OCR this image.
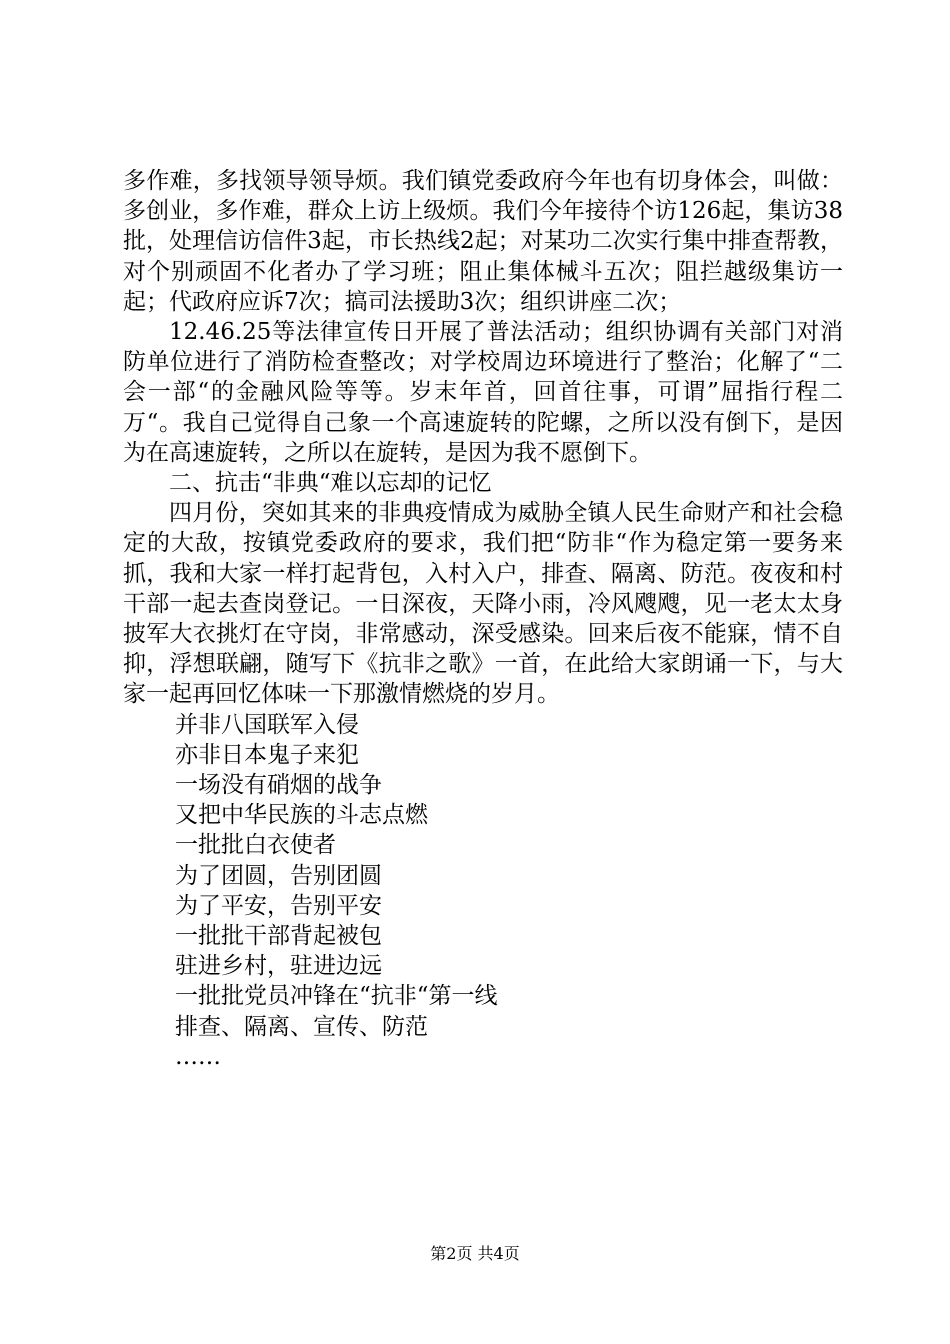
多作难，多找领导领导烦。我们镇党委政府今年也有切身体会，叫做：多创业，多作难，群众上访上级烦。我们今年接待个访126起，集访38批，处理信访信件3起，市长热线2起；对某功二次实行集中排查帮教，对个别顽固不化者办了学习班；阻止集体械斗五次；阻拦越级集访一起；代政府应诉7次；搞司法援助3次；组织讲座二次；

12.46.25等法律宣传日开展了普法活动；组织协调有关部门对消防单位进行了消防检查整改；对学校周边环境进行了整治；化解了“二会一部“的金融风险等等。岁末年首，回首往事，可谓”屈指行程二万“。我自己觉得自己象一个高速旋转的陀螺，之所以没有倒下，是因为在高速旋转，之所以在旋转，是因为我不愿倒下。

二、抗击“非典“难以忘却的记忆

四月份，突如其来的非典疫情成为威胁全镇人民生命财产和社会稳定的大敌，按镇党委政府的要求，我们把“防非“作为稳定第一要务来抓，我和大家一样打起背包，入村入户，排查、隔离、防范。夜夜和村干部一起去查岗登记。一日深夜，天降小雨，冷风飕飕，见一老太太身披军大衣挑灯在守岗，非常感动，深受感染。回来后夜不能寐，情不自抑，浮想联翩，随写下《抗非之歌》一首，在此给大家朗诵一下，与大家一起再回忆体味一下那激情燃烧的岁月。

并非八国联军入侵

亦非日本鬼子来犯

一场没有硝烟的战争

又把中华民族的斗志点燃

一批批白衣使者

为了团圆，告别团圆

为了平安，告别平安

一批批干部背起被包

驻进乡村，驻进边远

一批批党员冲锋在“抗非“第一线

排查、隔离、宣传、防范

……

第2页 共4页
